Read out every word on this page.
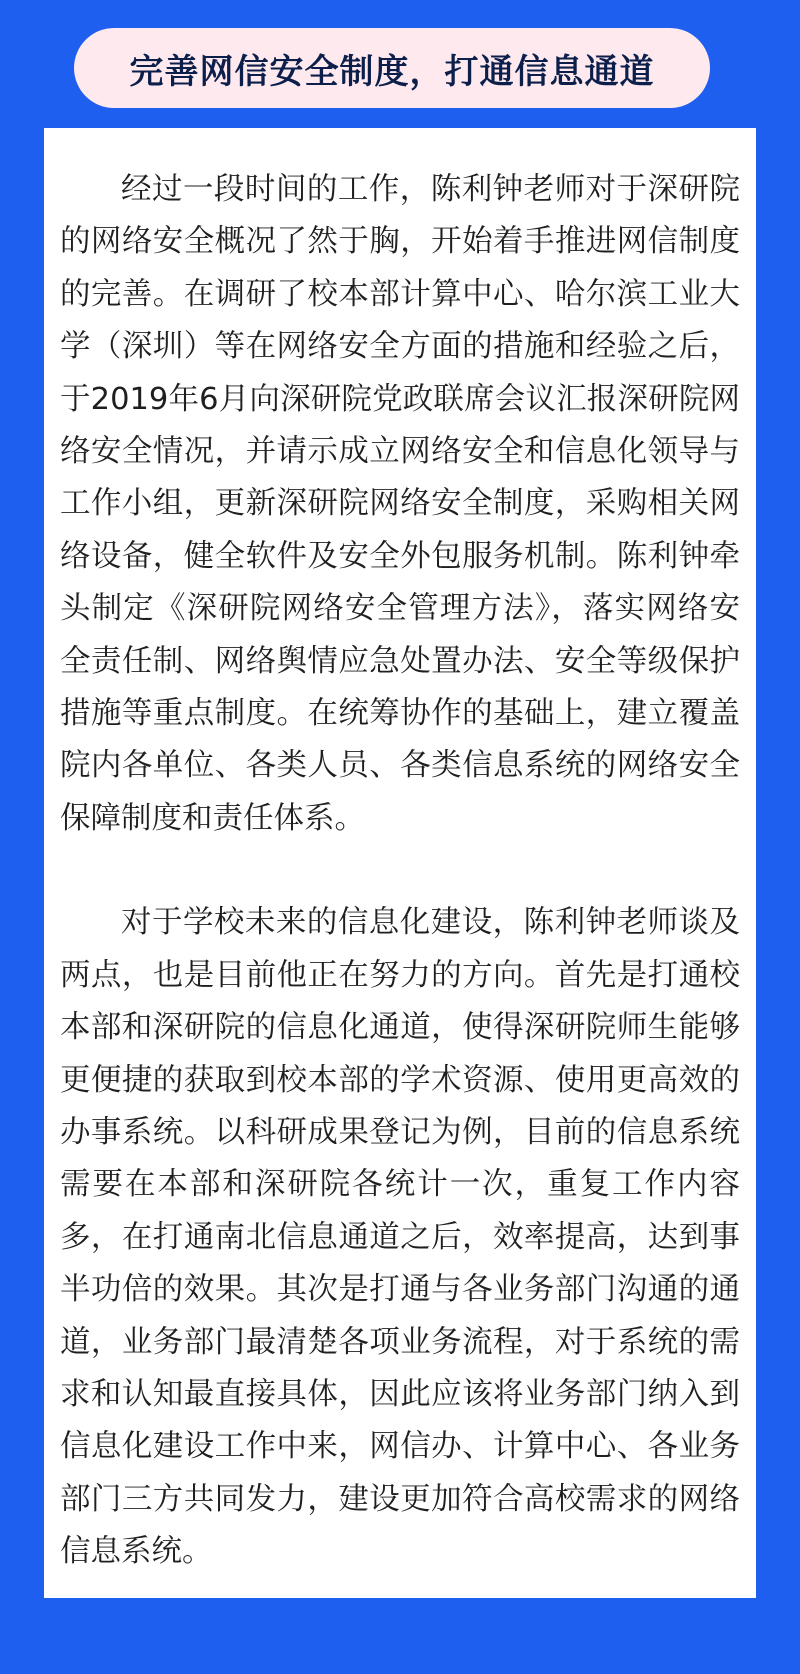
完善网信安全制度，打通信息通道

经过一段时间的工作，陈利钟老师对于深研院的网络安全概况了然于胸，开始着手推进网信制度的完善。在调研了校本部计算中心、哈尔滨工业大学（深圳）等在网络安全方面的措施和经验之后，于2019年6月向深研院党政联席会议汇报深研院网络安全情况，并请示成立网络安全和信息化领导与工作小组，更新深研院网络安全制度，采购相关网络设备，健全软件及安全外包服务机制。陈利钟牵头制定《深研院网络安全管理方法》，落实网络安全责任制、网络舆情应急处置办法、安全等级保护措施等重点制度。在统筹协作的基础上，建立覆盖院内各单位、各类人员、各类信息系统的网络安全保障制度和责任体系。

对于学校未来的信息化建设，陈利钟老师谈及两点，也是目前他正在努力的方向。首先是打通校本部和深研院的信息化通道，使得深研院师生能够更便捷的获取到校本部的学术资源、使用更高效的办事系统。以科研成果登记为例，目前的信息系统需要在本部和深研院各统计一次，重复工作内容多，在打通南北信息通道之后，效率提高，达到事半功倍的效果。其次是打通与各业务部门沟通的通道，业务部门最清楚各项业务流程，对于系统的需求和认知最直接具体，因此应该将业务部门纳入到信息化建设工作中来，网信办、计算中心、各业务部门三方共同发力，建设更加符合高校需求的网络信息系统。
